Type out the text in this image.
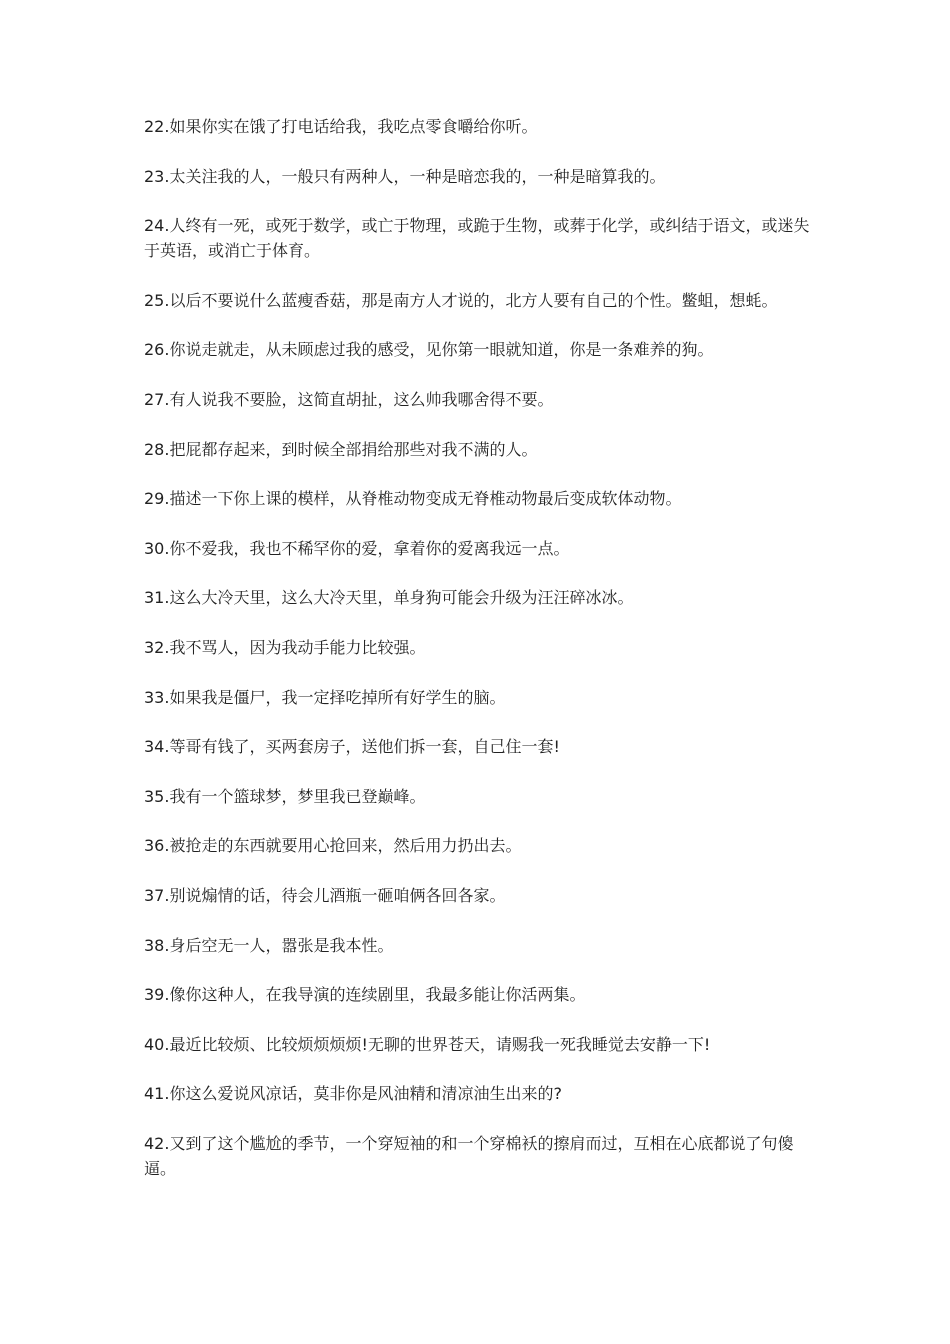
22.如果你实在饿了打电话给我，我吃点零食嚼给你听。

23.太关注我的人，一般只有两种人，一种是暗恋我的，一种是暗算我的。

24.人终有一死，或死于数学，或亡于物理，或跪于生物，或葬于化学，或纠结于语文，或迷失于英语，或消亡于体育。

25.以后不要说什么蓝瘦香菇，那是南方人才说的，北方人要有自己的个性。鳖蛆，想蚝。

26.你说走就走，从未顾虑过我的感受，见你第一眼就知道，你是一条难养的狗。

27.有人说我不要脸，这简直胡扯，这么帅我哪舍得不要。

28.把屁都存起来，到时候全部捐给那些对我不满的人。

29.描述一下你上课的模样，从脊椎动物变成无脊椎动物最后变成软体动物。

30.你不爱我，我也不稀罕你的爱，拿着你的爱离我远一点。

31.这么大冷天里，这么大冷天里，单身狗可能会升级为汪汪碎冰冰。

32.我不骂人，因为我动手能力比较强。

33.如果我是僵尸，我一定择吃掉所有好学生的脑。

34.等哥有钱了，买两套房子，送他们拆一套，自己住一套!

35.我有一个篮球梦，梦里我已登巅峰。

36.被抢走的东西就要用心抢回来，然后用力扔出去。

37.别说煽情的话，待会儿酒瓶一砸咱俩各回各家。

38.身后空无一人，嚣张是我本性。

39.像你这种人，在我导演的连续剧里，我最多能让你活两集。

40.最近比较烦、比较烦烦烦烦!无聊的世界苍天，请赐我一死我睡觉去安静一下!

41.你这么爱说风凉话，莫非你是风油精和清凉油生出来的?

42.又到了这个尴尬的季节，一个穿短袖的和一个穿棉袄的擦肩而过，互相在心底都说了句傻逼。
